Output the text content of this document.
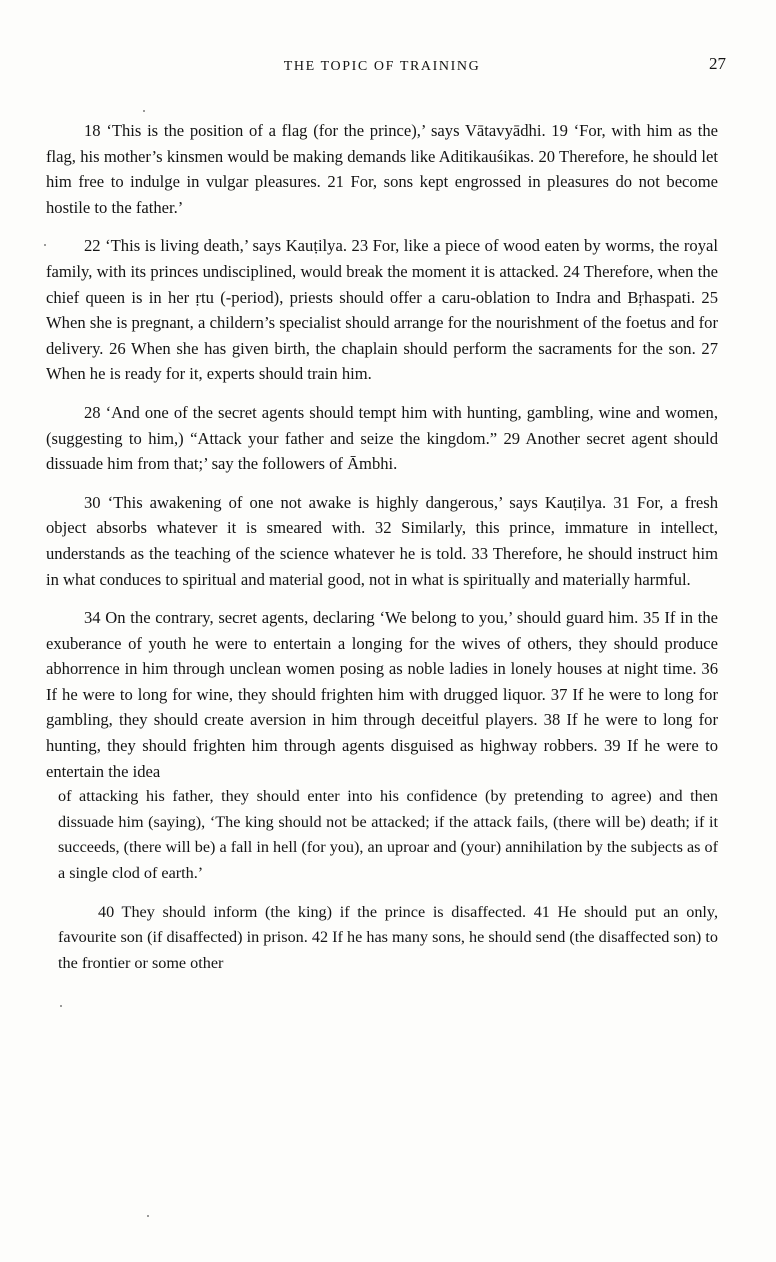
THE TOPIC OF TRAINING	27

18 ‘This is the position of a flag (for the prince),’ says Vātavyādhi. 19 ‘For, with him as the flag, his mother’s kinsmen would be making demands like Aditikauśikas. 20 Therefore, he should let him free to indulge in vulgar pleasures. 21 For, sons kept engrossed in pleasures do not become hostile to the father.’

22 ‘This is living death,’ says Kauṭilya. 23 For, like a piece of wood eaten by worms, the royal family, with its princes undisciplined, would break the moment it is attacked. 24 Therefore, when the chief queen is in her ṛtu (-period), priests should offer a caru-oblation to Indra and Bṛhaspati. 25 When she is pregnant, a childern’s specialist should arrange for the nourishment of the foetus and for delivery. 26 When she has given birth, the chaplain should perform the sacraments for the son. 27 When he is ready for it, experts should train him.

28 ‘And one of the secret agents should tempt him with hunting, gambling, wine and women, (suggesting to him,) “Attack your father and seize the kingdom.” 29 Another secret agent should dissuade him from that;’ say the followers of Āmbhi.

30 ‘This awakening of one not awake is highly dangerous,’ says Kauṭilya. 31 For, a fresh object absorbs whatever it is smeared with. 32 Similarly, this prince, immature in intellect, understands as the teaching of the science whatever he is told. 33 Therefore, he should instruct him in what conduces to spiritual and material good, not in what is spiritually and materially harmful.

34 On the contrary, secret agents, declaring ‘We belong to you,’ should guard him. 35 If in the exuberance of youth he were to entertain a longing for the wives of others, they should produce abhorrence in him through unclean women posing as noble ladies in lonely houses at night time. 36 If he were to long for wine, they should frighten him with drugged liquor. 37 If he were to long for gambling, they should create aversion in him through deceitful players. 38 If he were to long for hunting, they should frighten him through agents disguised as highway robbers. 39 If he were to entertain the idea

of attacking his father, they should enter into his confidence (by pretending to agree) and then dissuade him (saying), ‘The king should not be attacked; if the attack fails, (there will be) death; if it succeeds, (there will be) a fall in hell (for you), an uproar and (your) annihilation by the subjects as of a single clod of earth.’

40 They should inform (the king) if the prince is disaffected. 41 He should put an only, favourite son (if disaffected) in prison. 42 If he has many sons, he should send (the disaffected son) to the frontier or some other
